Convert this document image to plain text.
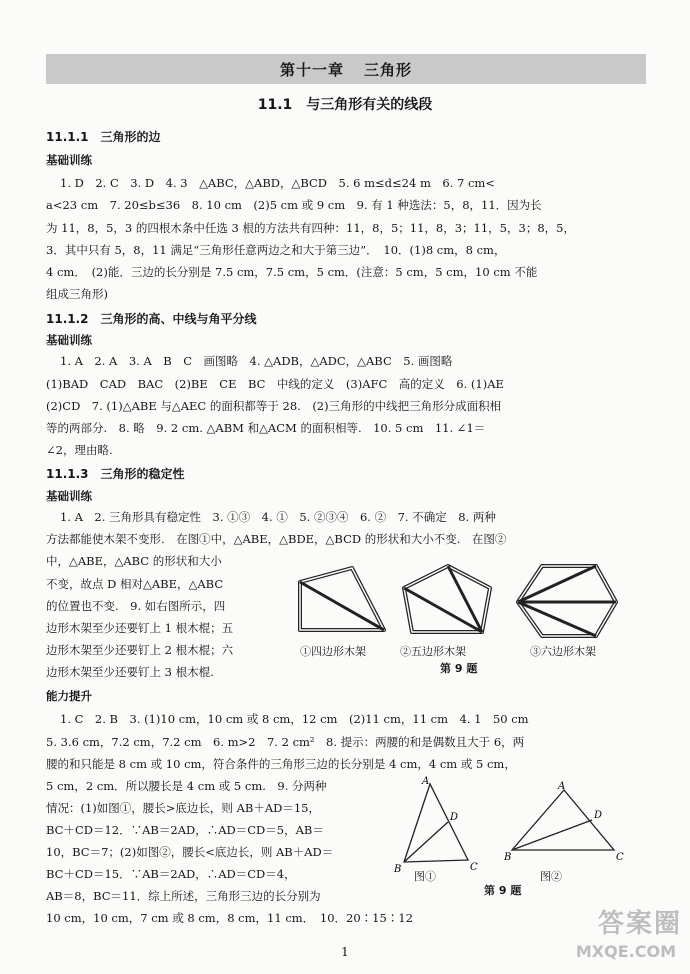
第十一章 三角形
11.1　与三角形有关的线段
11.1.1　三角形的边
基础训练
1. D　2. C　3. D　4. 3　△ABC，△ABD，△BCD　5. 6 m≤d≤24 m　6. 7 cm<
a<23 cm　7. 20≤b≤36　8. 10 cm　(2)5 cm 或 9 cm　9. 有 1 种选法：5，8，11．因为长
为 11，8，5，3 的四根木条中任选 3 根的方法共有四种：11，8，5；11，8，3；11，5，3；8，5，
3．其中只有 5，8，11 满足“三角形任意两边之和大于第三边”．　10．(1)8 cm，8 cm，
4 cm．　(2)能．三边的长分别是 7.5 cm，7.5 cm，5 cm．(注意：5 cm，5 cm，10 cm 不能
组成三角形)
11.1.2　三角形的高、中线与角平分线
基础训练
1. A　2. A　3. A　B　C　画图略　4. △ADB，△ADC，△ABC　5. 画图略
(1)BAD　CAD　BAC　(2)BE　CE　BC　中线的定义　(3)AFC　高的定义　6. (1)AE
(2)CD　7. (1)△ABE 与△AEC 的面积都等于 28.　(2)三角形的中线把三角形分成面积相
等的两部分.　8. 略　9. 2 cm. △ABM 和△ACM 的面积相等.　10. 5 cm　11. ∠1＝
∠2，理由略.
11.1.3　三角形的稳定性
基础训练
1. A　2. 三角形具有稳定性　3. ①③　4. ①　5. ②③④　6. ②　7. 不确定　8. 两种
方法都能使木架不变形.　在图①中，△ABE，△BDE，△BCD 的形状和大小不变.　在图②
中，△ABE，△ABC 的形状和大小
不变，故点 D 相对△ABE，△ABC
的位置也不变.　9. 如右图所示，四
边形木架至少还要钉上 1 根木棍；五
边形木架至少还要钉上 2 根木棍；六
边形木架至少还要钉上 3 根木棍.
①四边形木架	②五边形木架	③六边形木架
第 9 题
能力提升
1. C　2. B　3. (1)10 cm，10 cm 或 8 cm，12 cm　(2)11 cm，11 cm　4. 1　50 cm
5. 3.6 cm，7.2 cm，7.2 cm　6. m>2　7. 2 cm²　8. 提示：两腰的和是偶数且大于 6，两
腰的和只能是 8 cm 或 10 cm，符合条件的三角形三边的长分别是 4 cm，4 cm 或 5 cm，
5 cm，2 cm．所以腰长是 4 cm 或 5 cm.　9. 分两种
情况：(1)如图①，腰长>底边长，则 AB＋AD＝15，
BC＋CD＝12．∵AB＝2AD，∴AD＝CD＝5，AB＝
10，BC＝7；(2)如图②，腰长<底边长，则 AB＋AD＝
BC＋CD＝15．∵AB＝2AD，∴AD＝CD＝4，
AB＝8，BC＝11．综上所述，三角形三边的长分别为
10 cm，10 cm，7 cm 或 8 cm，8 cm，11 cm．　10．20∶15∶12
A
D
B	C
图①
A
D
B	C
图②
第 9 题
1
答案圈
MXQE.COM
